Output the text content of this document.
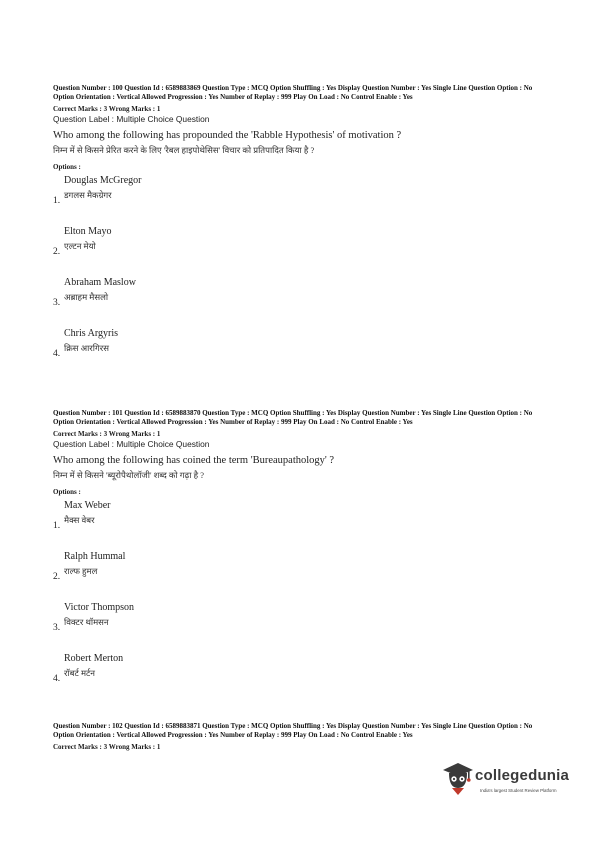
Question Number : 100 Question Id : 6589883869 Question Type : MCQ Option Shuffling : Yes Display Question Number : Yes Single Line Question Option : No Option Orientation : Vertical Allowed Progression : Yes Number of Replay : 999 Play On Load : No Control Enable : Yes
Correct Marks : 3 Wrong Marks : 1
Question Label : Multiple Choice Question
Who among the following has propounded the 'Rabble Hypothesis' of motivation ?
निम्न में से किसने प्रेरित करने के लिए 'रैबल हाइपोथेसिस' विचार को प्रतिपादित किया है ?
Options :
Douglas McGregor
डगलस मैकग्रेगर
1.
Elton Mayo
एल्टन मेयो
2.
Abraham Maslow
अब्राहम मैसलो
3.
Chris Argyris
क्रिस आरगिरस
4.
Question Number : 101 Question Id : 6589883870 Question Type : MCQ Option Shuffling : Yes Display Question Number : Yes Single Line Question Option : No Option Orientation : Vertical Allowed Progression : Yes Number of Replay : 999 Play On Load : No Control Enable : Yes
Correct Marks : 3 Wrong Marks : 1
Question Label : Multiple Choice Question
Who among the following has coined the term 'Bureaupathology' ?
निम्न में से किसने 'ब्यूरोपैथोलॉजी' शब्द को गढ़ा है ?
Options :
Max Weber
मैक्स वेबर
1.
Ralph Hummal
राल्फ हुमल
2.
Victor Thompson
विक्टर थॉमसन
3.
Robert Merton
रॉबर्ट मर्टन
4.
Question Number : 102 Question Id : 6589883871 Question Type : MCQ Option Shuffling : Yes Display Question Number : Yes Single Line Question Option : No Option Orientation : Vertical Allowed Progression : Yes Number of Replay : 999 Play On Load : No Control Enable : Yes
Correct Marks : 3 Wrong Marks : 1
collegedunia
India's largest Student Review Platform
